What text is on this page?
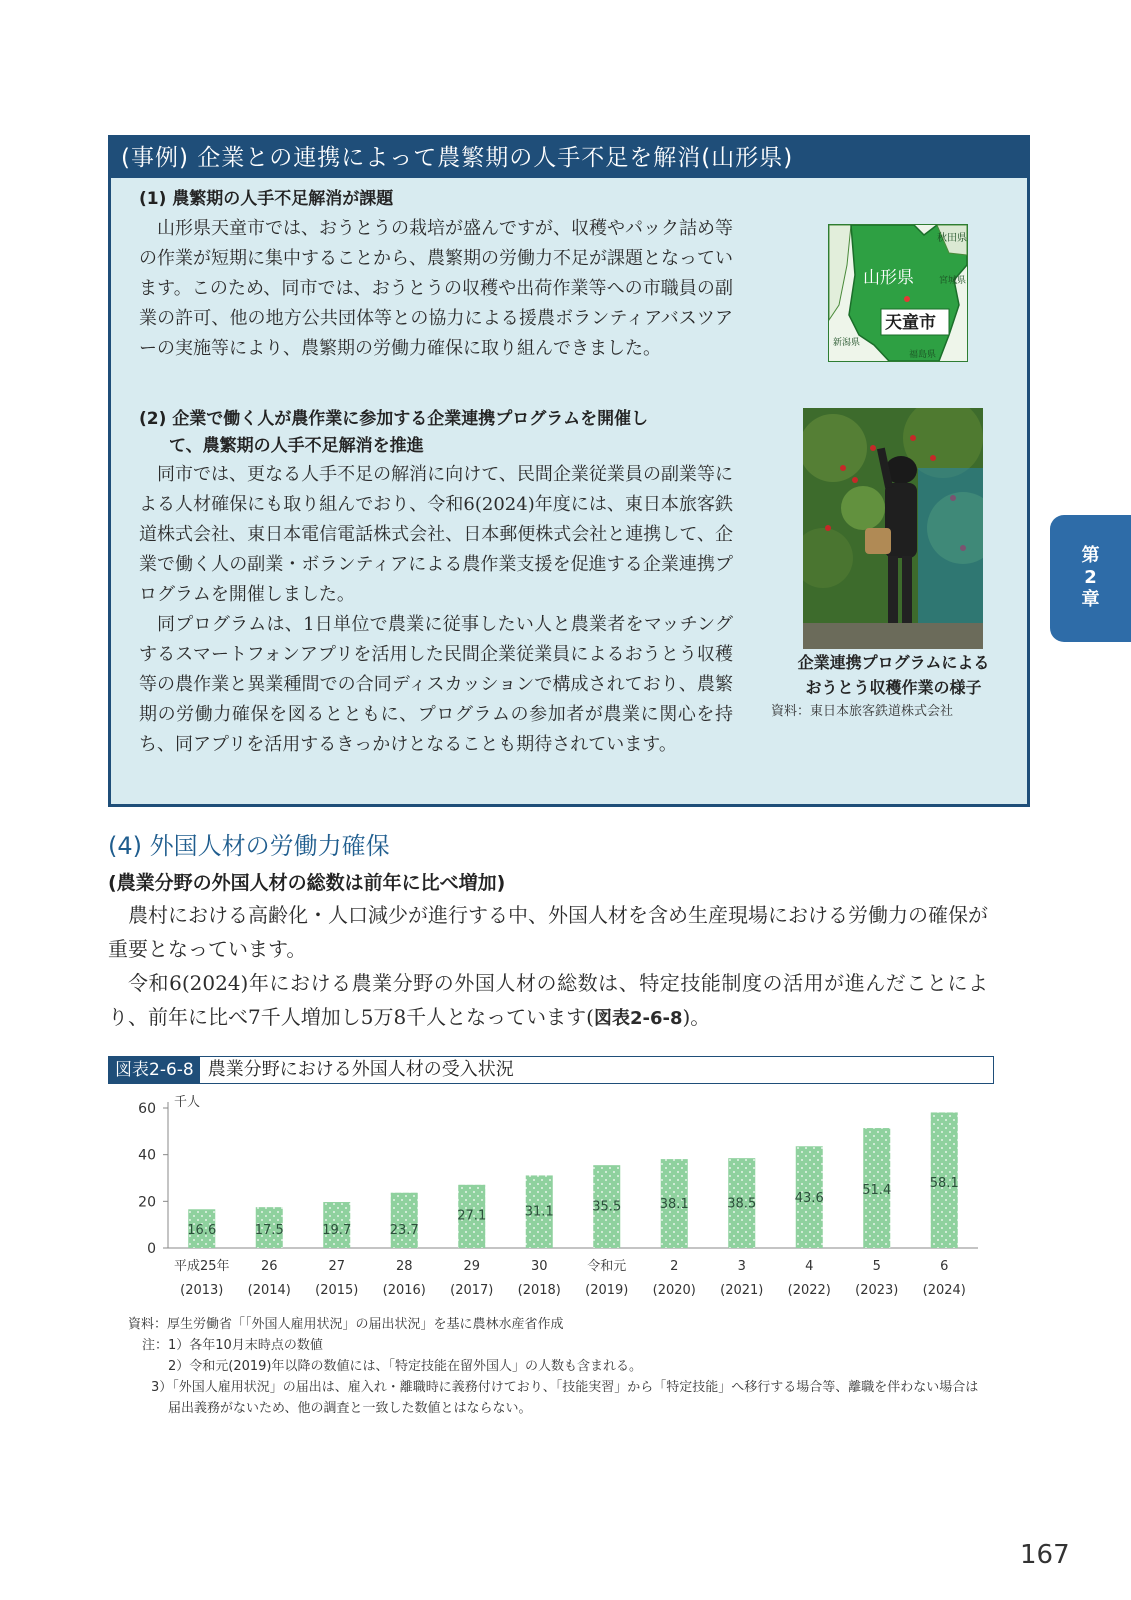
(事例) 企業との連携によって農繁期の人手不足を解消(山形県)
(1) 農繁期の人手不足解消が課題

山形県天童市では、おうとうの栽培が盛んですが、収穫やパック詰め等の作業が短期に集中することから、農繁期の労働力不足が課題となっています。このため、同市では、おうとうの収穫や出荷作業等への市職員の副業の許可、他の地方公共団体等との協力による援農ボランティアバスツアーの実施等により、農繁期の労働力確保に取り組んできました。

秋田県
宮城県
新潟県
福島県
山形県
天童市
(2) 企業で働く人が農作業に参加する企業連携プログラムを開催し
て、農繁期の人手不足解消を推進

同市では、更なる人手不足の解消に向けて、民間企業従業員の副業等による人材確保にも取り組んでおり、令和6(2024)年度には、東日本旅客鉄道株式会社、東日本電信電話株式会社、日本郵便株式会社と連携して、企業で働く人の副業・ボランティアによる農作業支援を促進する企業連携プログラムを開催しました。

同プログラムは、1日単位で農業に従事したい人と農業者をマッチングするスマートフォンアプリを活用した民間企業従業員によるおうとう収穫等の農作業と異業種間での合同ディスカッションで構成されており、農繁期の労働力確保を図るとともに、プログラムの参加者が農業に関心を持ち、同アプリを活用するきっかけとなることも期待されています。

企業連携プログラムによる
おうとう収穫作業の様子
資料：東日本旅客鉄道株式会社
(4) 外国人材の労働力確保
(農業分野の外国人材の総数は前年に比べ増加)

農村における高齢化・人口減少が進行する中、外国人材を含め生産現場における労働力の確保が重要となっています。

令和6(2024)年における農業分野の外国人材の総数は、特定技能制度の活用が進んだことにより、前年に比べ7千人増加し5万8千人となっています(図表2-6-8)。

図表2-6-8 農業分野における外国人材の受入状況
0
20
40
60 千人
16.6
平成25年
(2013)
17.5
26
(2014)
19.7
27
(2015)
23.7
28
(2016)
27.1
29
(2017)
31.1
30
(2018)
35.5
令和元
(2019)
38.1
2
(2020)
38.5
3
(2021)
43.6
4
(2022)
51.4
5
(2023)
58.1
6
(2024)
資料：厚生労働省「「外国人雇用状況」の届出状況」を基に農林水産省作成
注：1）各年10月末時点の数値
2）令和元(2019)年以降の数値には、「特定技能在留外国人」の人数も含まれる。
3）「外国人雇用状況」の届出は、雇入れ・離職時に義務付けており、「技能実習」から「特定技能」へ移行する場合等、離職を伴わない場合は届出義務がないため、他の調査と一致した数値とはならない。
第
2
章
167
